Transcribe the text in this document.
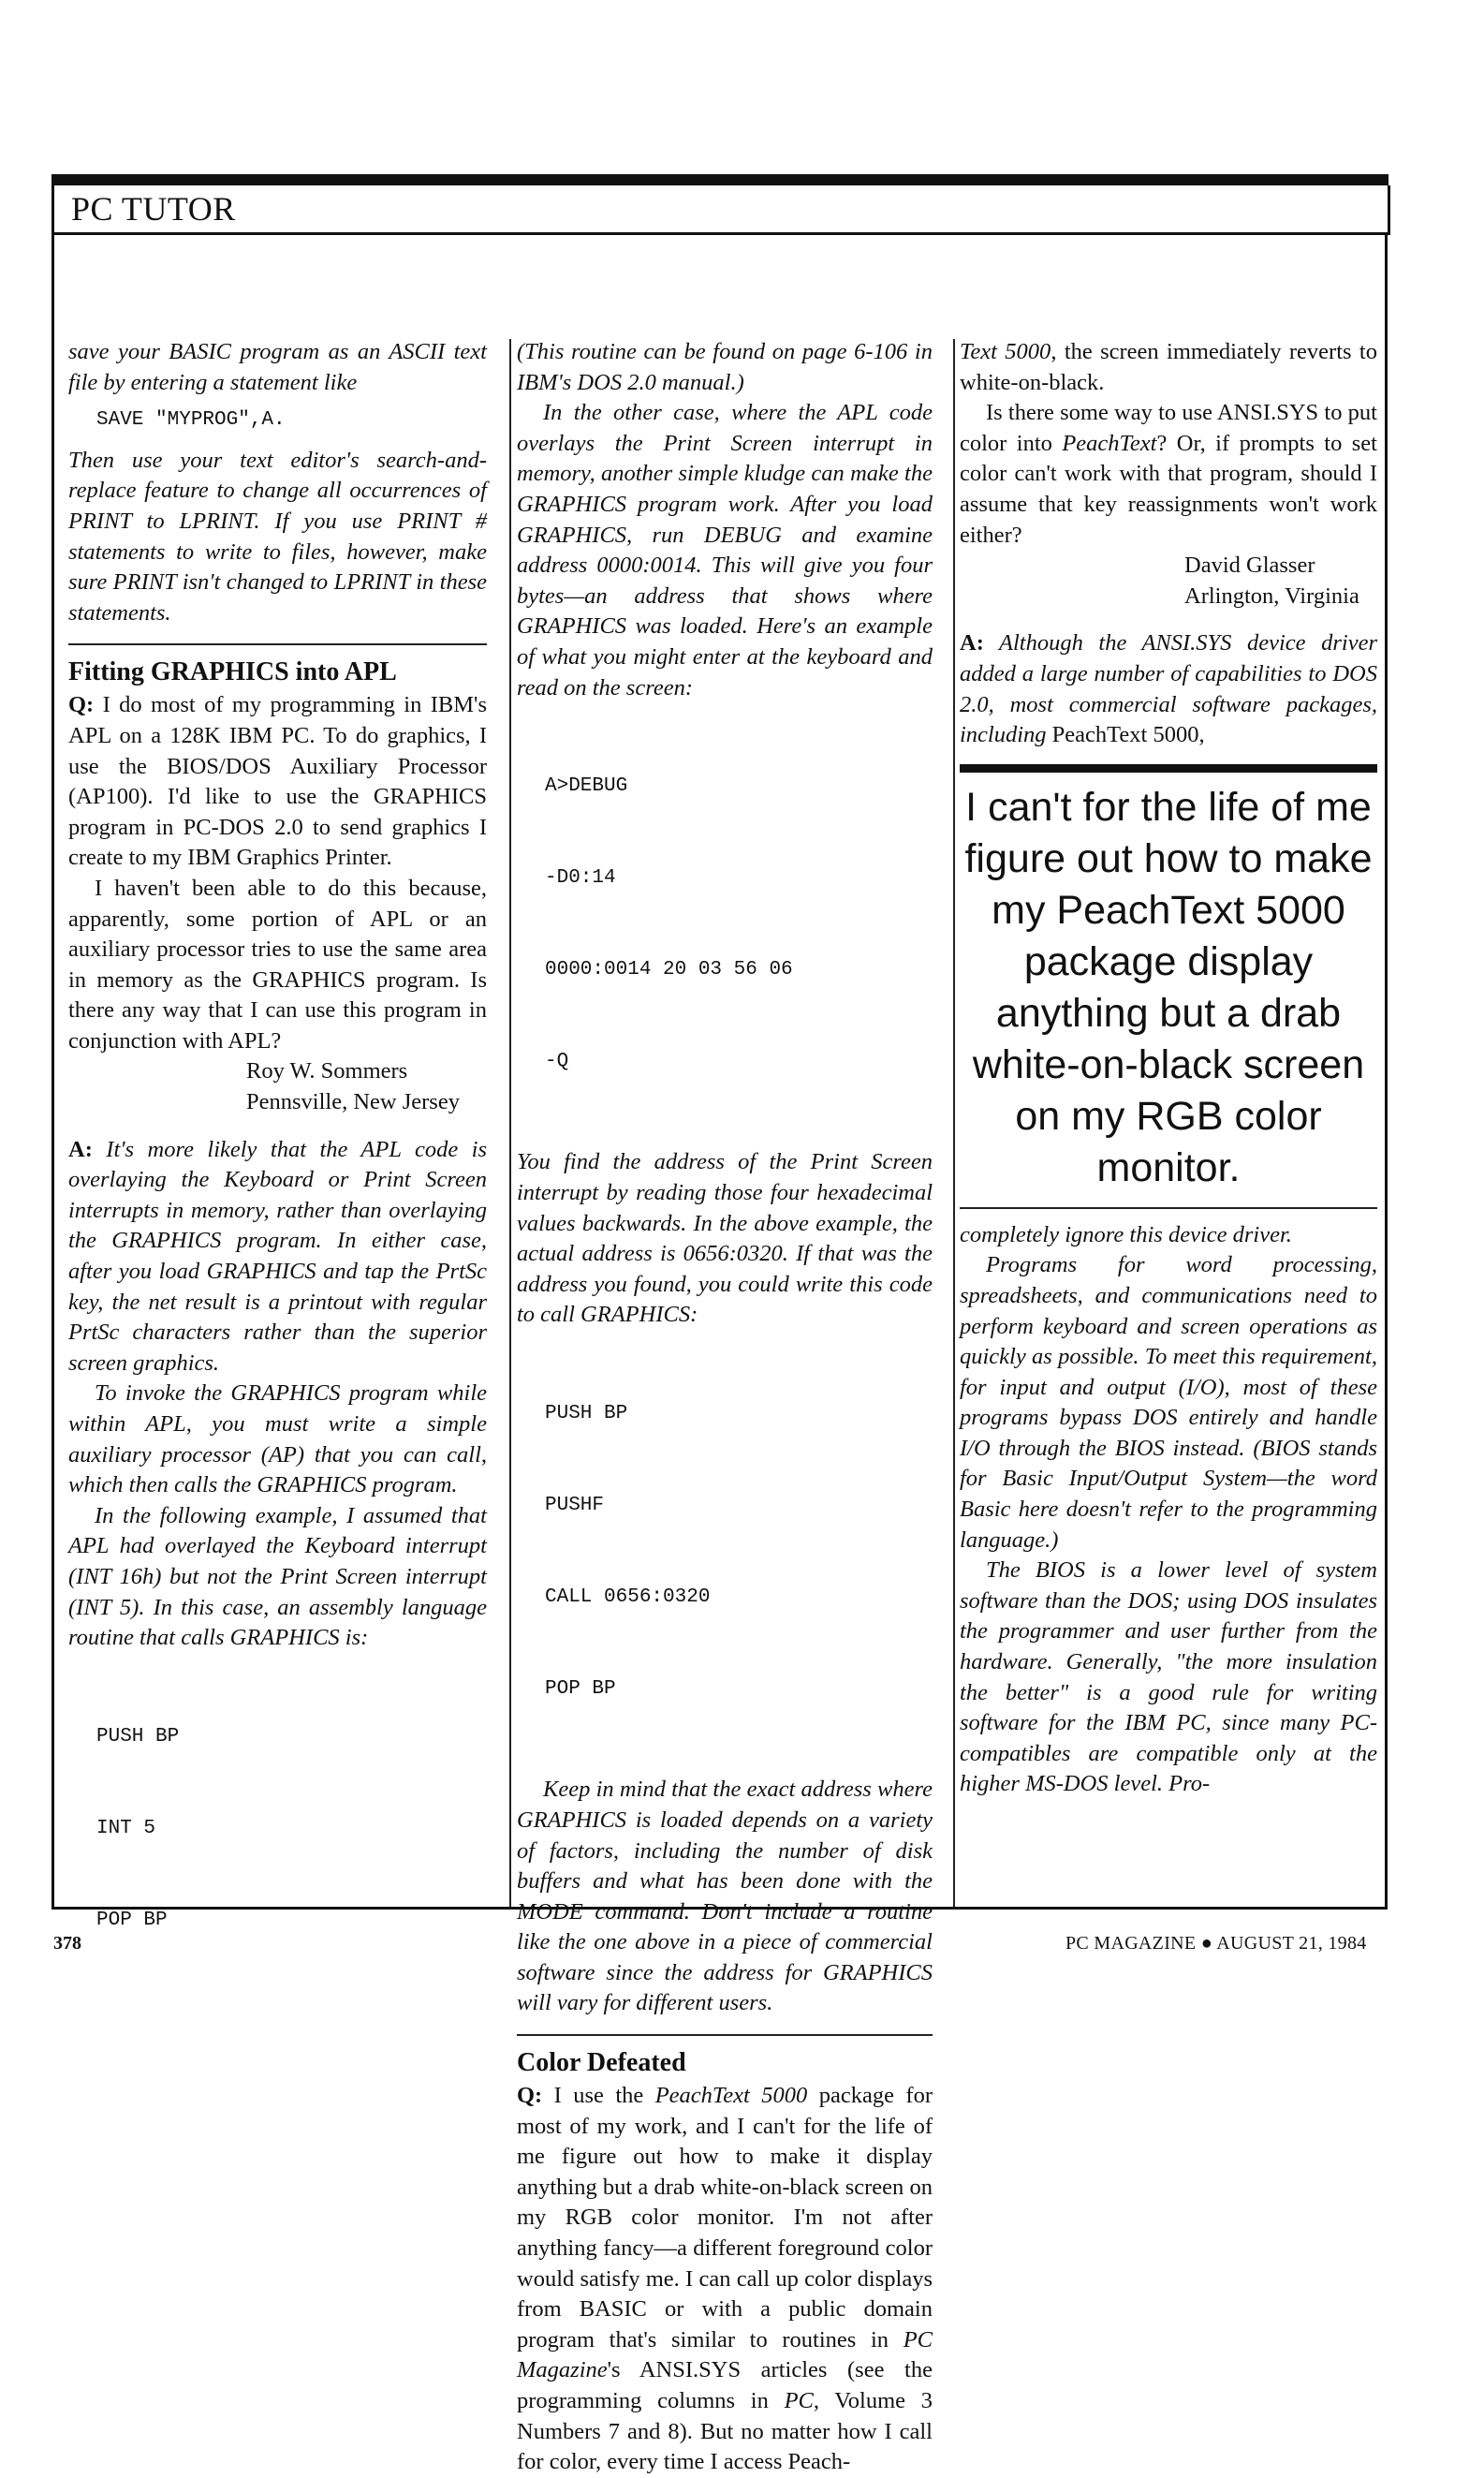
PC TUTOR

save your BASIC program as an ASCII text file by entering a statement like

SAVE "MYPROG",A.

Then use your text editor's search-and-replace feature to change all occurrences of PRINT to LPRINT. If you use PRINT # statements to write to files, however, make sure PRINT isn't changed to LPRINT in these statements.

Fitting GRAPHICS into APL

Q: I do most of my programming in IBM's APL on a 128K IBM PC. To do graphics, I use the BIOS/DOS Auxiliary Processor (AP100). I'd like to use the GRAPHICS program in PC-DOS 2.0 to send graphics I create to my IBM Graphics Printer.

I haven't been able to do this because, apparently, some portion of APL or an auxiliary processor tries to use the same area in memory as the GRAPHICS program. Is there any way that I can use this program in conjunction with APL?

Roy W. Sommers
Pennsville, New Jersey

A: It's more likely that the APL code is overlaying the Keyboard or Print Screen interrupts in memory, rather than overlaying the GRAPHICS program. In either case, after you load GRAPHICS and tap the PrtSc key, the net result is a printout with regular PrtSc characters rather than the superior screen graphics.

To invoke the GRAPHICS program while within APL, you must write a simple auxiliary processor (AP) that you can call, which then calls the GRAPHICS program.

In the following example, I assumed that APL had overlayed the Keyboard interrupt (INT 16h) but not the Print Screen interrupt (INT 5). In this case, an assembly language routine that calls GRAPHICS is:

PUSH BP

INT 5

POP BP

(This routine can be found on page 6-106 in IBM's DOS 2.0 manual.)

In the other case, where the APL code overlays the Print Screen interrupt in memory, another simple kludge can make the GRAPHICS program work. After you load GRAPHICS, run DEBUG and examine address 0000:0014. This will give you four bytes—an address that shows where GRAPHICS was loaded. Here's an example of what you might enter at the keyboard and read on the screen:

A>DEBUG

-D0:14

0000:0014 20 03 56 06

-Q

You find the address of the Print Screen interrupt by reading those four hexadecimal values backwards. In the above example, the actual address is 0656:0320. If that was the address you found, you could write this code to call GRAPHICS:

PUSH BP

PUSHF

CALL 0656:0320

POP BP

Keep in mind that the exact address where GRAPHICS is loaded depends on a variety of factors, including the number of disk buffers and what has been done with the MODE command. Don't include a routine like the one above in a piece of commercial software since the address for GRAPHICS will vary for different users.

Color Defeated

Q: I use the PeachText 5000 package for most of my work, and I can't for the life of me figure out how to make it display anything but a drab white-on-black screen on my RGB color monitor. I'm not after anything fancy—a different foreground color would satisfy me. I can call up color displays from BASIC or with a public domain program that's similar to routines in PC Magazine's ANSI.SYS articles (see the programming columns in PC, Volume 3 Numbers 7 and 8). But no matter how I call for color, every time I access Peach-

Text 5000, the screen immediately reverts to white-on-black.

Is there some way to use ANSI.SYS to put color into PeachText? Or, if prompts to set color can't work with that program, should I assume that key reassignments won't work either?

David Glasser
Arlington, Virginia

A: Although the ANSI.SYS device driver added a large number of capabilities to DOS 2.0, most commercial software packages, including PeachText 5000,

I can't for the life of me figure out how to make my PeachText 5000 package display anything but a drab white-on-black screen on my RGB color monitor.

completely ignore this device driver.

Programs for word processing, spreadsheets, and communications need to perform keyboard and screen operations as quickly as possible. To meet this requirement, for input and output (I/O), most of these programs bypass DOS entirely and handle I/O through the BIOS instead. (BIOS stands for Basic Input/Output System—the word Basic here doesn't refer to the programming language.)

The BIOS is a lower level of system software than the DOS; using DOS insulates the programmer and user further from the hardware. Generally, "the more insulation the better" is a good rule for writing software for the IBM PC, since many PC-compatibles are compatible only at the higher MS-DOS level. Pro-

378	PC MAGAZINE ● AUGUST 21, 1984
